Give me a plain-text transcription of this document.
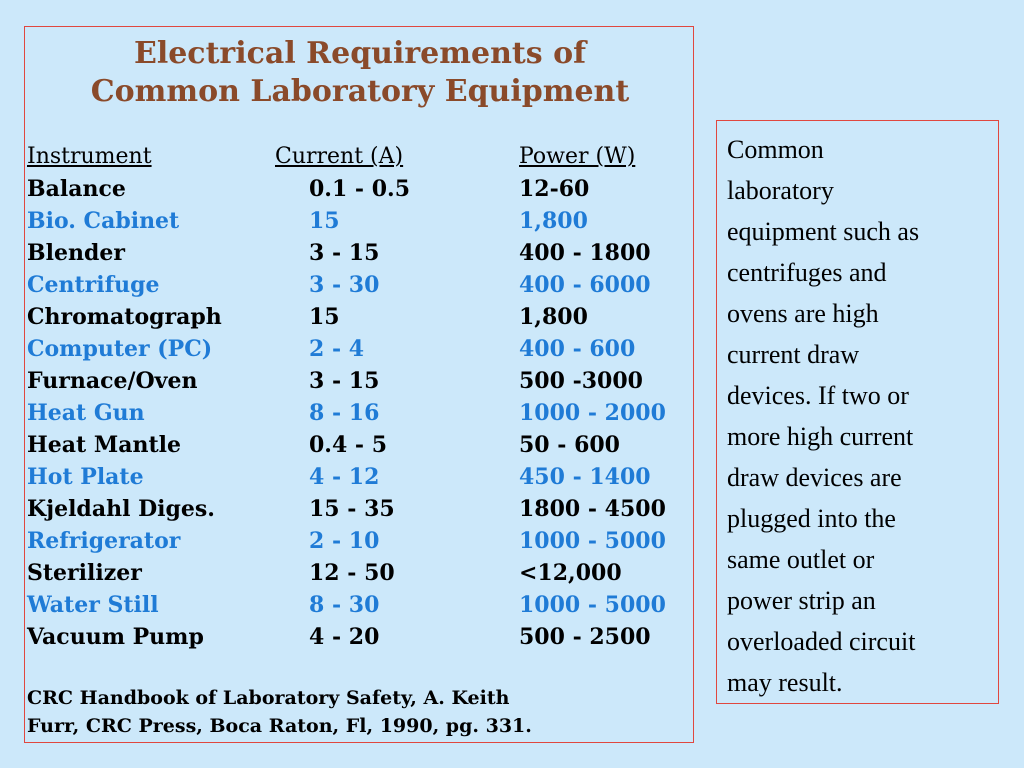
Electrical Requirements of
Common Laboratory Equipment
Instrument	Current (A)	Power (W)
Balance	0.1 - 0.5	12-60
Bio. Cabinet	15	1,800
Blender	3 - 15	400 - 1800
Centrifuge	3 - 30	400 - 6000
Chromatograph	15	1,800
Computer (PC)	2 - 4	400 - 600
Furnace/Oven	3 - 15	500 -3000
Heat Gun	8 - 16	1000 - 2000
Heat Mantle	0.4 - 5	50 - 600
Hot Plate	4 - 12	450 - 1400
Kjeldahl Diges.	15 - 35	1800 - 4500
Refrigerator	2 - 10	1000 - 5000
Sterilizer	12 - 50	<12,000
Water Still	8 - 30	1000 - 5000
Vacuum Pump	4 - 20	500 - 2500
CRC Handbook of Laboratory Safety, A. Keith
Furr, CRC Press, Boca Raton, Fl, 1990, pg. 331.
Common
laboratory
equipment such as
centrifuges and
ovens are high
current draw
devices. If two or
more high current
draw devices are
plugged into the
same outlet or
power strip an
overloaded circuit
may result.
